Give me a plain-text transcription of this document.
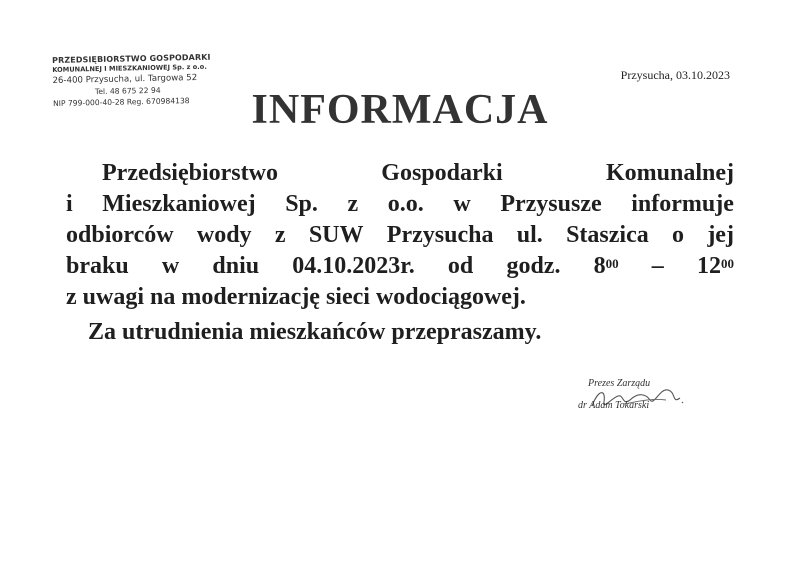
PRZEDSIĘBIORSTWO GOSPODARKI
KOMUNALNEJ I MIESZKANIOWEJ Sp. z o.o.
26-400 Przysucha, ul. Targowa 52
Tel. 48 675 22 94
NIP 799-000-40-28 Reg. 670984138
Przysucha, 03.10.2023
INFORMACJA
Przedsiębiorstwo	Gospodarki	Komunalnej
i Mieszkaniowej Sp. z o.o. w Przysusze informuje
odbiorców wody z SUW Przysucha ul. Staszica o jej
braku w dniu 04.10.2023r. od godz. $8^{00} - 12^{00}$
z uwagi na modernizację sieci wodociągowej.
Za utrudnienia mieszkańców przepraszamy.
Prezes Zarządu
dr Adam Tokarski
